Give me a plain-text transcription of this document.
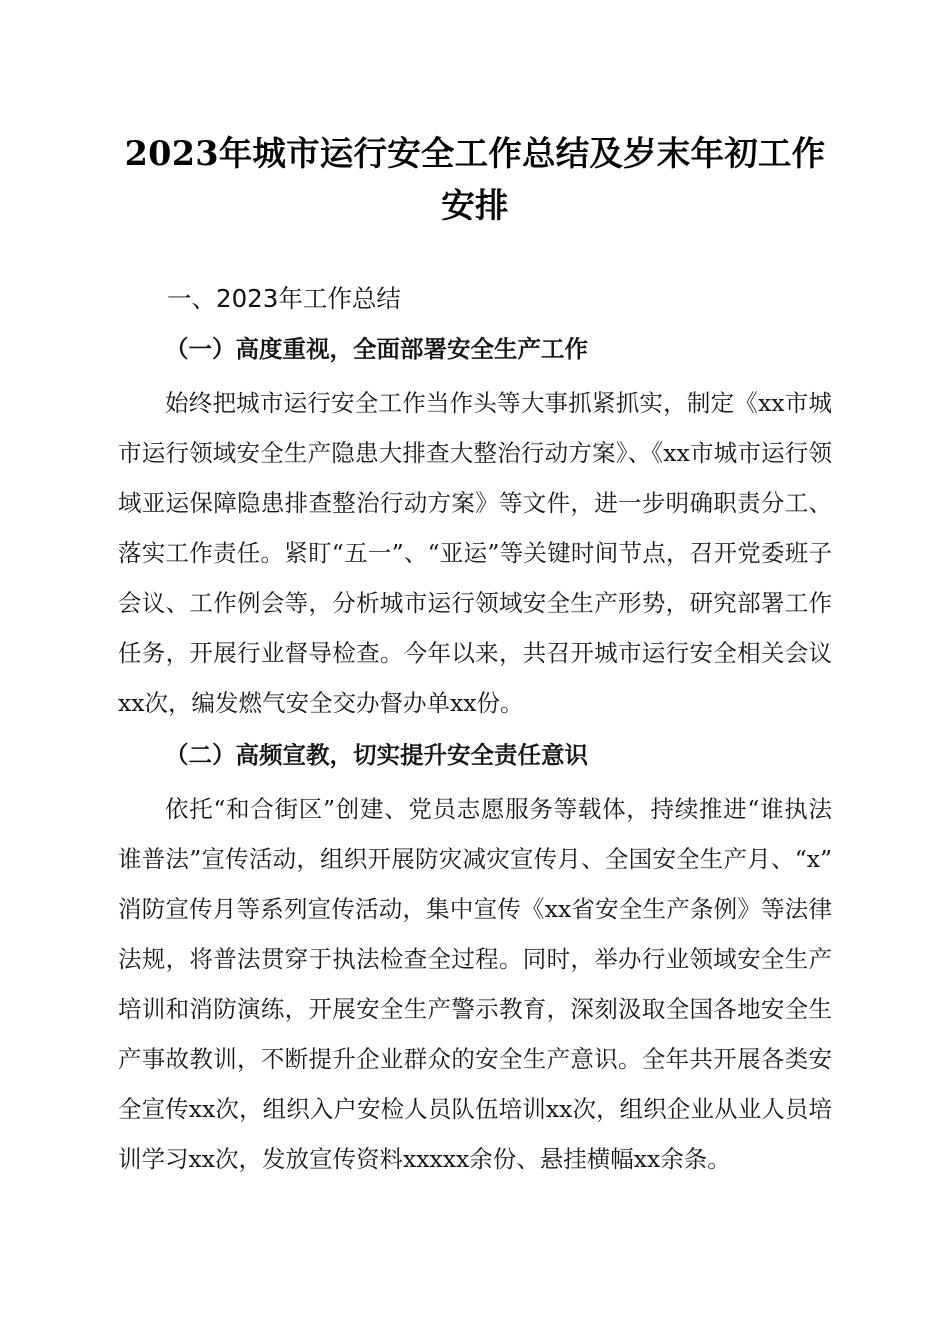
2023年城市运行安全工作总结及岁末年初工作安排
一、2023年工作总结
（一）高度重视，全面部署安全生产工作

始终把城市运行安全工作当作头等大事抓紧抓实，制定《xx市城市运行领域安全生产隐患大排查大整治行动方案》、《xx市城市运行领域亚运保障隐患排查整治行动方案》等文件，进一步明确职责分工、落实工作责任。紧盯“五一”、“亚运”等关键时间节点，召开党委班子会议、工作例会等，分析城市运行领域安全生产形势，研究部署工作任务，开展行业督导检查。今年以来，共召开城市运行安全相关会议xx次，编发燃气安全交办督办单xx份。

（二）高频宣教，切实提升安全责任意识

依托“和合街区”创建、党员志愿服务等载体，持续推进“谁执法谁普法”宣传活动，组织开展防灾减灾宣传月、全国安全生产月、“x”消防宣传月等系列宣传活动，集中宣传《xx省安全生产条例》等法律法规，将普法贯穿于执法检查全过程。同时，举办行业领域安全生产培训和消防演练，开展安全生产警示教育，深刻汲取全国各地安全生产事故教训，不断提升企业群众的安全生产意识。全年共开展各类安全宣传xx次，组织入户安检人员队伍培训xx次，组织企业从业人员培训学习xx次，发放宣传资料xxxxx余份、悬挂横幅xx余条。
